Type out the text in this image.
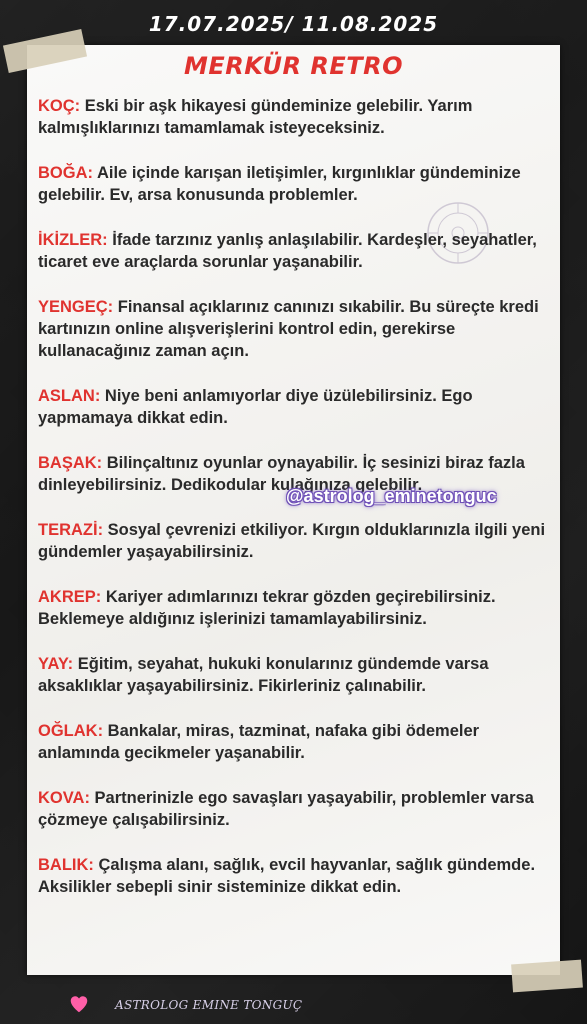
17.07.2025/ 11.08.2025
MERKÜR RETRO

KOÇ: Eski bir aşk hikayesi gündeminize gelebilir. Yarım kalmışlıklarınızı tamamlamak isteyeceksiniz.

BOĞA: Aile içinde karışan iletişimler, kırgınlıklar gündeminize gelebilir. Ev, arsa konusunda problemler.

İKİZLER: İfade tarzınız yanlış anlaşılabilir. Kardeşler, seyahatler, ticaret eve araçlarda sorunlar yaşanabilir.

YENGEÇ: Finansal açıklarınız canınızı sıkabilir. Bu süreçte kredi kartınızın online alışverişlerini kontrol edin, gerekirse kullanacağınız zaman açın.

ASLAN: Niye beni anlamıyorlar diye üzülebilirsiniz. Ego yapmamaya dikkat edin.

BAŞAK: Bilinçaltınız oyunlar oynayabilir. İç sesinizi biraz fazla dinleyebilirsiniz. Dedikodular kulağınıza gelebilir.

TERAZİ: Sosyal çevrenizi etkiliyor. Kırgın olduklarınızla ilgili yeni gündemler yaşayabilirsiniz.

AKREP: Kariyer adımlarınızı tekrar gözden geçirebilirsiniz. Beklemeye aldığınız işlerinizi tamamlayabilirsiniz.

YAY: Eğitim, seyahat, hukuki konularınız gündemde varsa aksaklıklar yaşayabilirsiniz. Fikirleriniz çalınabilir.

OĞLAK: Bankalar, miras, tazminat, nafaka gibi ödemeler anlamında gecikmeler yaşanabilir.

KOVA: Partnerinizle ego savaşları yaşayabilir, problemler varsa çözmeye çalışabilirsiniz.

BALIK: Çalışma alanı, sağlık, evcil hayvanlar, sağlık gündemde. Aksilikler sebepli sinir sisteminize dikkat edin.

@astrolog_eminetonguc
ASTROLOG EMINE TONGUÇ
